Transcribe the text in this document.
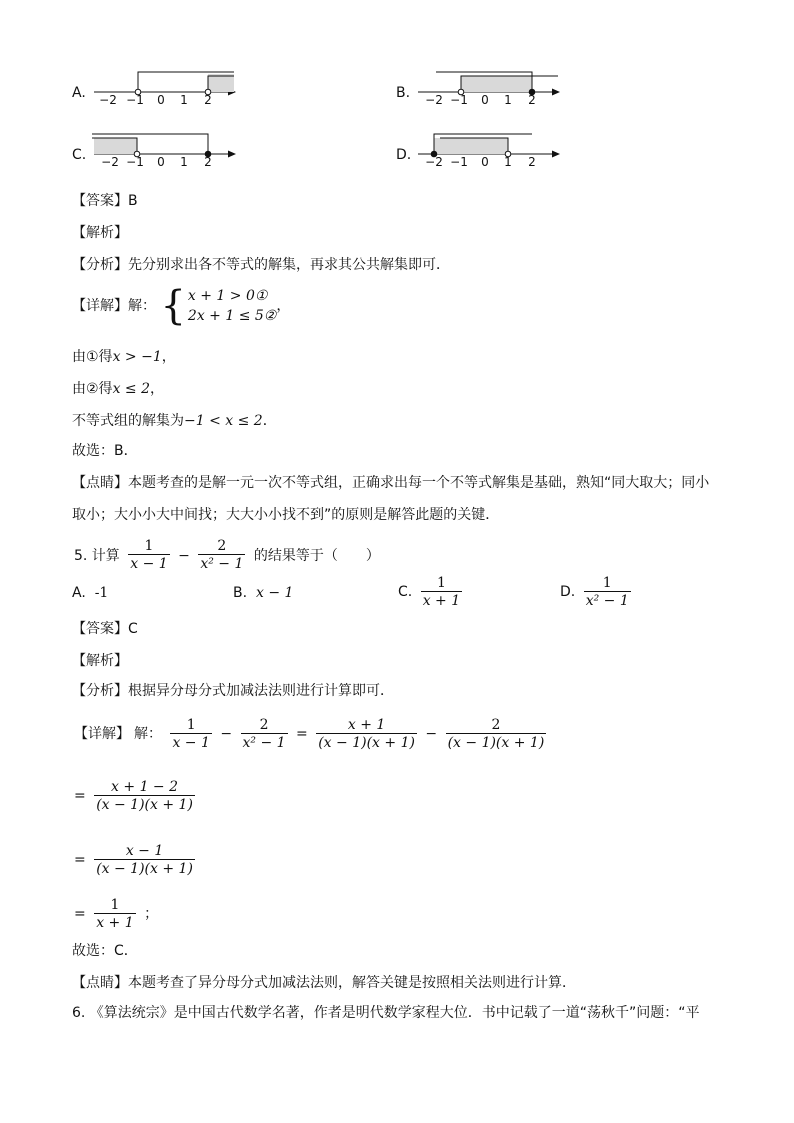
A. −2 −1 0 1 2	B. −2 −1 0 1 2
C. −2 −1 0 1 2	D. −2 −1 0 1 2
【答案】B
【解析】
【分析】先分别求出各不等式的解集，再求其公共解集即可．
【详解】解： { x + 1 > 0①
2x + 1 ≤ 5②
，
由①得x > −1，
由②得x ≤ 2，
不等式组的解集为−1 < x ≤ 2．
故选：B．
【点睛】本题考查的是解一元一次不等式组，正确求出每一个不等式解集是基础，熟知“同大取大；同小
取小；大小小大中间找；大大小小找不到”的原则是解答此题的关键．
5. 计算 $\frac{1}{x - 1} - \frac{2}{\text{x² − 1}}$ 的结果等于（　　）
A. -1	B. x − 1	C. $\frac{1}{x + 1}$	D. $\frac{1}{\text{x² − 1}}$
【答案】C
【解析】
【分析】根据异分母分式加减法法则进行计算即可．
【详解】 解： $\frac{1}{x - 1} - \frac{2}{\text{x² − 1}} = \frac{x + 1}{(x - 1)(x + 1)} - \frac{2}{(x - 1)(x + 1)}$
= $\frac{x + 1 - 2}{(x - 1)(x + 1)}$
= $\frac{x - 1}{(x - 1)(x + 1)}$
= $\frac{1}{x + 1}$ ；
故选：C．
【点睛】本题考查了异分母分式加减法法则，解答关键是按照相关法则进行计算．
6. 《算法统宗》是中国古代数学名著，作者是明代数学家程大位．书中记载了一道“荡秋千”问题：“平
